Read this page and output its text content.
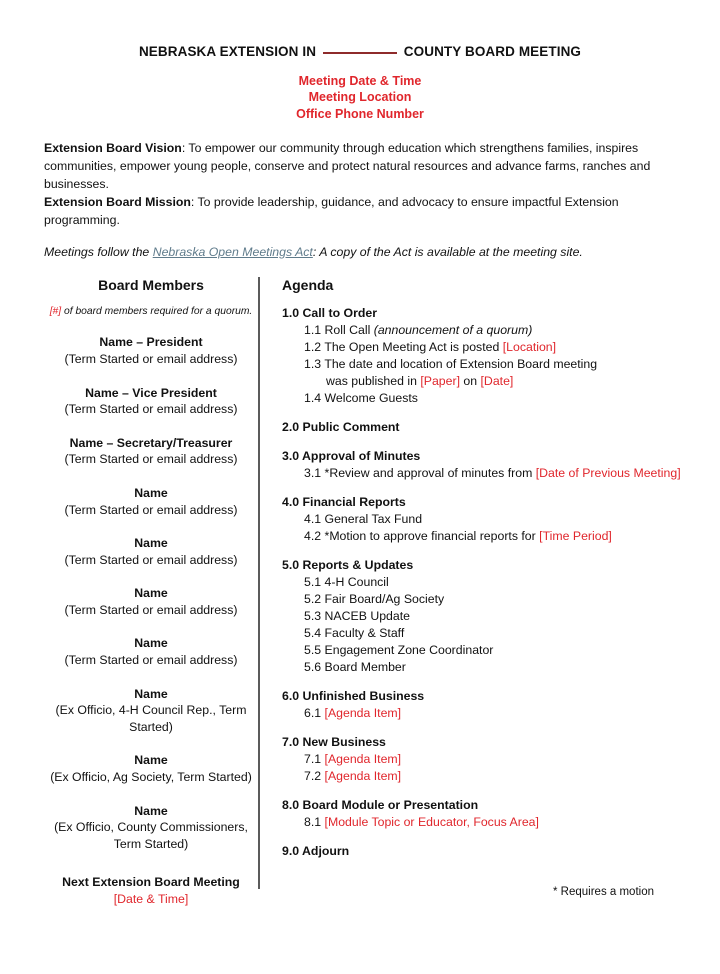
NEBRASKA EXTENSION IN	COUNTY BOARD MEETING
Meeting Date & Time
Meeting Location
Office Phone Number
Extension Board Vision: To empower our community through education which strengthens families, inspires communities, empower young people, conserve and protect natural resources and advance farms, ranches and businesses.
Extension Board Mission: To provide leadership, guidance, and advocacy to ensure impactful Extension programming.
Meetings follow the Nebraska Open Meetings Act: A copy of the Act is available at the meeting site.
Board Members
[#] of board members required for a quorum.
Name – President
(Term Started or email address)
Name – Vice President
(Term Started or email address)
Name – Secretary/Treasurer
(Term Started or email address)
Name
(Term Started or email address)
Name
(Term Started or email address)
Name
(Term Started or email address)
Name
(Term Started or email address)
Name
(Ex Officio, 4-H Council Rep., Term Started)
Name
(Ex Officio, Ag Society, Term Started)
Name
(Ex Officio, County Commissioners, Term Started)
Next Extension Board Meeting
[Date & Time]
Agenda
1.0 Call to Order
1.1 Roll Call (announcement of a quorum)
1.2 The Open Meeting Act is posted [Location]
1.3 The date and location of Extension Board meeting
was published in [Paper] on [Date]
1.4 Welcome Guests
2.0 Public Comment
3.0 Approval of Minutes
3.1 *Review and approval of minutes from [Date of Previous Meeting]
4.0 Financial Reports
4.1 General Tax Fund
4.2 *Motion to approve financial reports for [Time Period]
5.0 Reports & Updates
5.1 4-H Council
5.2 Fair Board/Ag Society
5.3 NACEB Update
5.4 Faculty & Staff
5.5 Engagement Zone Coordinator
5.6 Board Member
6.0 Unfinished Business
6.1 [Agenda Item]
7.0 New Business
7.1 [Agenda Item]
7.2 [Agenda Item]
8.0 Board Module or Presentation
8.1 [Module Topic or Educator, Focus Area]
9.0 Adjourn
* Requires a motion
